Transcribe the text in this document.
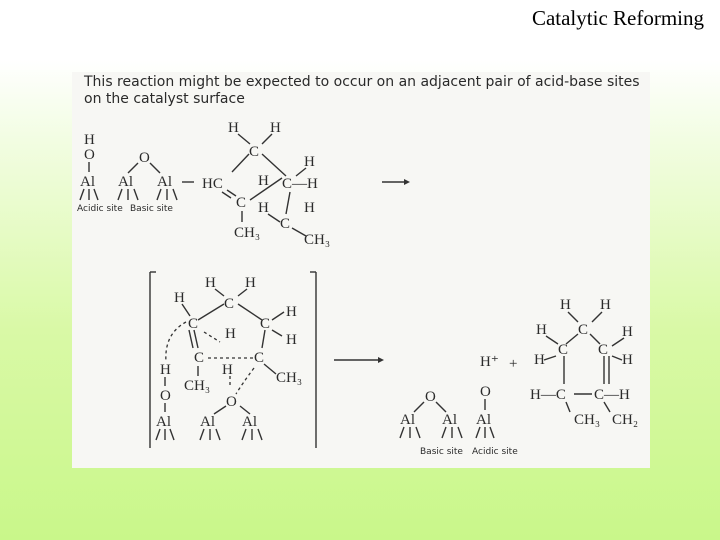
Catalytic Reforming
This reaction might be expected to occur on an adjacent pair of acid-base sites on the catalyst surface
H
O
Al
Acidic site
O
Al Al
Basic site
H H
C
HC H
H
C—H
C H H
C
CH₃	CH₃
H H
C
H
H
C	C
H	H
C	C
H	CH₃
CH₃
H
O
Al
O
Al Al
H⁺ +
H H
C
H
C C
H
H	H
H—C C—H
CH₃ CH₂
O
Al Al
Basic site
O
Al
Acidic site
